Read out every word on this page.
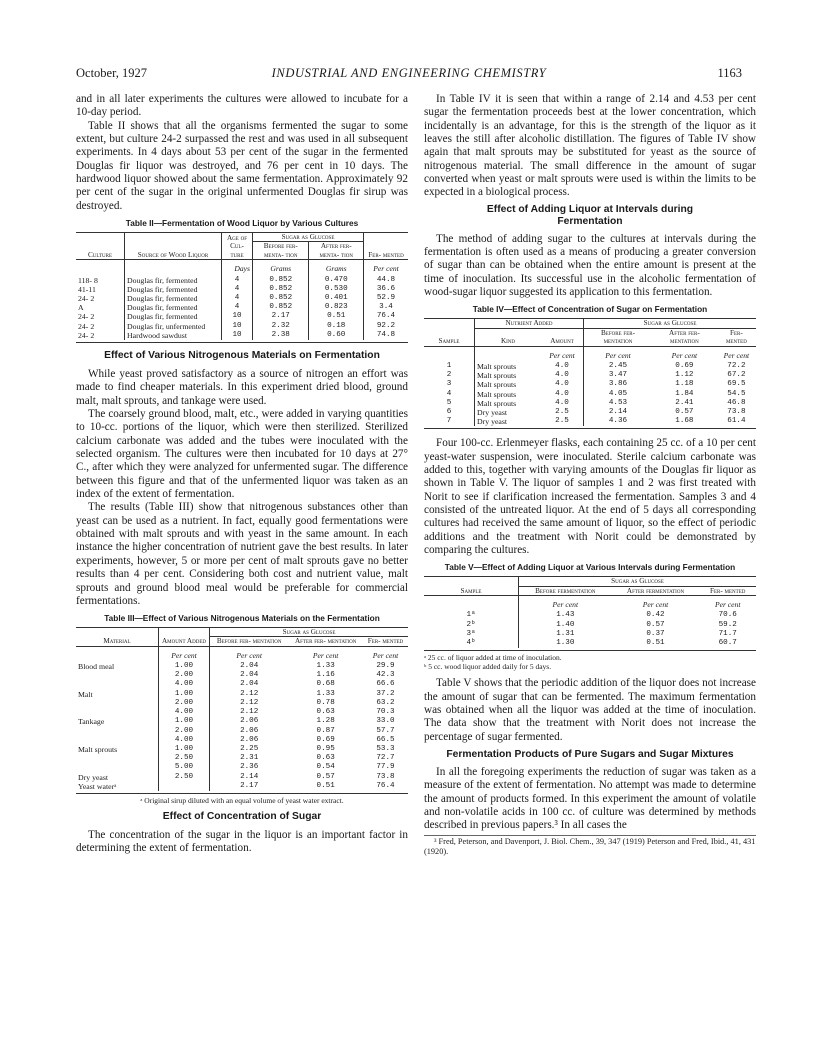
October, 1927	INDUSTRIAL AND ENGINEERING CHEMISTRY	1163

and in all later experiments the cultures were allowed to incubate for a 10-day period.

Table II shows that all the organisms fermented the sugar to some extent, but culture 24-2 surpassed the rest and was used in all subsequent experiments. In 4 days about 53 per cent of the sugar in the fermented Douglas fir liquor was destroyed, and 76 per cent in 10 days. The hardwood liquor showed about the same fermentation. Approximately 92 per cent of the sugar in the original unfermented Douglas fir sirup was destroyed.

Table II—Fermentation of Wood Liquor by Various Cultures
Culture	Source of Wood Liquor	Age of Cul- ture	Sugar as Glucose		Fer- mented
			Before fer- menta- tion	After fer- menta- tion	
		Days	Grams	Grams	Per cent
118- 8	Douglas fir, fermented	4	0.852	0.470	44.8
41-11	Douglas fir, fermented	4	0.852	0.530	36.6
24- 2	Douglas fir, fermented	4	0.852	0.401	52.9
A	Douglas fir, fermented	4	0.852	0.823	3.4
24- 2	Douglas fir, fermented	10	2.17	0.51	76.4
24- 2	Douglas fir, unfermented	10	2.32	0.18	92.2
24- 2	Hardwood sawdust	10	2.38	0.60	74.8
Effect of Various Nitrogenous Materials on Fermentation

While yeast proved satisfactory as a source of nitrogen an effort was made to find cheaper materials. In this experiment dried blood, ground malt, malt sprouts, and tankage were used.

The coarsely ground blood, malt, etc., were added in varying quantities to 10-cc. portions of the liquor, which were then sterilized. Sterilized calcium carbonate was added and the tubes were inoculated with the selected organism. The cultures were then incubated for 10 days at 27° C., after which they were analyzed for unfermented sugar. The difference between this figure and that of the unfermented liquor was taken as an index of the extent of fermentation.

The results (Table III) show that nitrogenous substances other than yeast can be used as a nutrient. In fact, equally good fermentations were obtained with malt sprouts and with yeast in the same amount. In each instance the higher concentration of nutrient gave the best results. In later experiments, however, 5 or more per cent of malt sprouts gave no better results than 4 per cent. Considering both cost and nutrient value, malt sprouts and ground blood meal would be preferable for commercial fermentations.

Table III—Effect of Various Nitrogenous Materials on the Fermentation
Material	Amount Added	Sugar as Glucose		
		Before fer- mentation	After fer- mentation	Fer- mented
	Per cent	Per cent	Per cent	Per cent
Blood meal	1.00	2.04	1.33	29.9
	2.00	2.04	1.16	42.3
	4.00	2.04	0.68	66.6
Malt	1.00	2.12	1.33	37.2
	2.00	2.12	0.78	63.2
	4.00	2.12	0.63	70.3
Tankage	1.00	2.06	1.28	33.0
	2.00	2.06	0.87	57.7
	4.00	2.06	0.69	66.5
Malt sprouts	1.00	2.25	0.95	53.3
	2.50	2.31	0.63	72.7
	5.00	2.36	0.54	77.9
Dry yeast	2.50	2.14	0.57	73.8
Yeast waterᵃ		2.17	0.51	76.4
ᵃ Original sirup diluted with an equal volume of yeast water extract.
Effect of Concentration of Sugar

The concentration of the sugar in the liquor is an important factor in determining the extent of fermentation.

In Table IV it is seen that within a range of 2.14 and 4.53 per cent sugar the fermentation proceeds best at the lower concentration, which incidentally is an advantage, for this is the strength of the liquor as it leaves the still after alcoholic distillation. The figures of Table IV show again that malt sprouts may be substituted for yeast as the source of nitrogenous material. The small difference in the amount of sugar converted when yeast or malt sprouts were used is within the limits to be expected in a biological process.

Effect of Adding Liquor at Intervals during Fermentation

The method of adding sugar to the cultures at intervals during the fermentation is often used as a means of producing a greater conversion of sugar than can be obtained when the entire amount is present at the time of inoculation. Its successful use in the alcoholic fermentation of wood-sugar liquor suggested its application to this fermentation.

Table IV—Effect of Concentration of Sugar on Fermentation
Sample	Nutrient Added		Sugar as Glucose		
	Kind	Amount	Before fer- mentation	After fer- mentation	Fer- mented
		Per cent	Per cent	Per cent	Per cent
1	Malt sprouts	4.0	2.45	0.69	72.2
2	Malt sprouts	4.0	3.47	1.12	67.2
3	Malt sprouts	4.0	3.86	1.18	69.5
4	Malt sprouts	4.0	4.05	1.84	54.5
5	Malt sprouts	4.0	4.53	2.41	46.8
6	Dry yeast	2.5	2.14	0.57	73.8
7	Dry yeast	2.5	4.36	1.68	61.4

Four 100-cc. Erlenmeyer flasks, each containing 25 cc. of a 10 per cent yeast-water suspension, were inoculated. Sterile calcium carbonate was added to this, together with varying amounts of the Douglas fir liquor as shown in Table V. The liquor of samples 1 and 2 was first treated with Norit to see if clarification increased the fermentation. Samples 3 and 4 consisted of the untreated liquor. At the end of 5 days all corresponding cultures had received the same amount of liquor, so the effect of periodic additions and the treatment with Norit could be demonstrated by comparing the cultures.

Table V—Effect of Adding Liquor at Various Intervals during Fermentation
Sample	Sugar as Glucose		
	Before fermentation	After fermentation	Fer- mented
	Per cent	Per cent	Per cent
1ᵃ	1.43	0.42	70.6
2ᵇ	1.40	0.57	59.2
3ᵃ	1.31	0.37	71.7
4ᵇ	1.30	0.51	60.7
ᵃ 25 cc. of liquor added at time of inoculation.
ᵇ 5 cc. wood liquor added daily for 5 days.

Table V shows that the periodic addition of the liquor does not increase the amount of sugar that can be fermented. The maximum fermentation was obtained when all the liquor was added at the time of inoculation. The data show that the treatment with Norit does not increase the percentage of sugar fermented.

Fermentation Products of Pure Sugars and Sugar Mixtures

In all the foregoing experiments the reduction of sugar was taken as a measure of the extent of fermentation. No attempt was made to determine the amount of products formed. In this experiment the amount of volatile and non-volatile acids in 100 cc. of culture was determined by methods described in previous papers.³ In all cases the

³ Fred, Peterson, and Davenport, J. Biol. Chem., 39, 347 (1919) Peterson and Fred, Ibid., 41, 431 (1920).
